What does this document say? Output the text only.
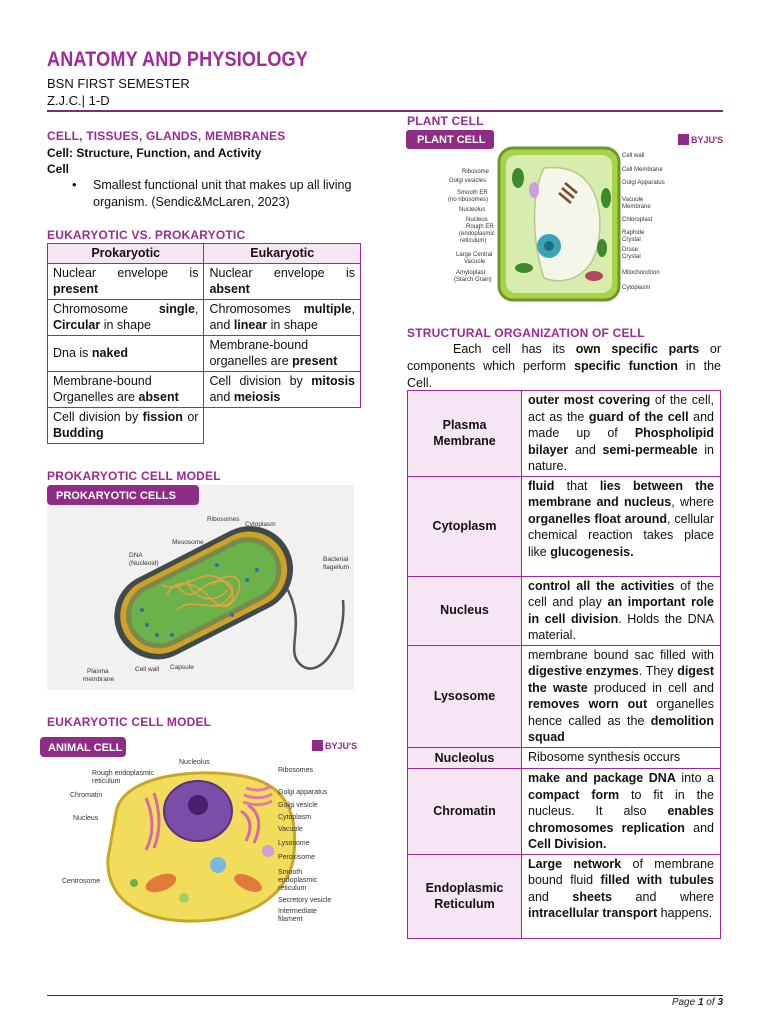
ANATOMY AND PHYSIOLOGY
BSN FIRST SEMESTER
Z.J.C.| 1-D
CELL, TISSUES, GLANDS, MEMBRANES
Cell: Structure, Function, and Activity
Cell
• Smallest functional unit that makes up all living organism. (Sendic&McLaren, 2023)
EUKARYOTIC VS. PROKARYOTIC
Prokaryotic	Eukaryotic
Nuclear envelope is present	Nuclear envelope is absent
Chromosome single, Circular in shape	Chromosomes multiple, and linear in shape
Dna is naked	Membrane-bound organelles are present
Membrane-bound Organelles are absent	Cell division by mitosis and meiosis
Cell division by fission or Budding	
PROKARYOTIC CELL MODEL
PROKARYOTIC CELLS
Ribosomes
Cytoplasm
Mesosome
DNA
(Nucleoid)
Bacterial
flagellum
Plasma
membrane
Cell wall Capsule
EUKARYOTIC CELL MODEL
ANIMAL CELL	BYJU'S
Nucleolus
Rough endoplasmic
reticulum
Chromatin
Nucleus
Centrosome
Ribosomes
Golgi apparatus
Golgi vesicle
Cytoplasm
Vacuole
Lysosome
Peroxisome
Smooth
endoplasmic
reticulum
Secretory vesicle
Intermediate
filament
PLANT CELL
PLANT CELL	BYJU'S
Ribosome
Golgi vesicles
Smooth ER
(no ribosomes)
Nucleolus
Nucleus
Rough ER
(endoplasmic
reticulum)
Large Central
Vacuole
Amyloplast
(Starch Grain)
Cell wall
Cell Membrane
Golgi Apparatus
Vacuole
Membrane
Chloroplast
Raphide
Crystal
Druse
Crystal
Mitochondrion
Cytoplasm
STRUCTURAL ORGANIZATION OF CELL
Each cell has its own specific parts or components which perform specific function in the Cell.
Plasma
Membrane	outer most covering of the cell, act as the guard of the cell and made up of Phospholipid bilayer and semi-permeable in nature.
Cytoplasm	fluid that lies between the membrane and nucleus, where organelles float around, cellular chemical reaction takes place like glucogenesis.
Nucleus	control all the activities of the cell and play an important role in cell division. Holds the DNA material.
Lysosome	membrane bound sac filled with digestive enzymes. They digest the waste produced in cell and removes worn out organelles hence called as the demolition squad
Nucleolus	Ribosome synthesis occurs
Chromatin	make and package DNA into a compact form to fit in the nucleus. It also enables chromosomes replication and Cell Division.
Endoplasmic
Reticulum	Large network of membrane bound fluid filled with tubules and sheets and where intracellular transport happens.
Page 1 of 3
